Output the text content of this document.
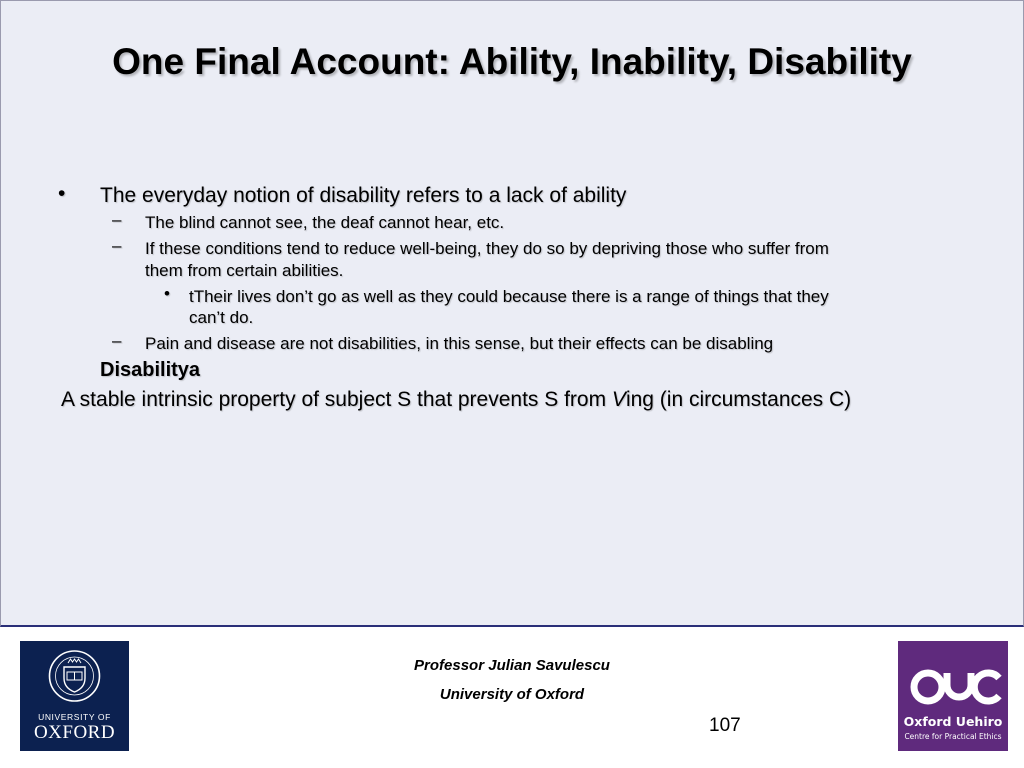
One Final Account: Ability, Inability, Disability
• The everyday notion of disability refers to a lack of ability
– The blind cannot see, the deaf cannot hear, etc.
– If these conditions tend to reduce well-being, they do so by depriving those who suffer from
them from certain abilities.
• tTheir lives don’t go as well as they could because there is a range of things that they
can’t do.
– Pain and disease are not disabilities, in this sense, but their effects can be disabling
Disabilitya
A stable intrinsic property of subject S that prevents S from Ving (in circumstances C)
UNIVERSITY OF
OXFORD
Professor Julian Savulescu
University of Oxford
107	Oxford Uehiro
Centre for Practical Ethics
